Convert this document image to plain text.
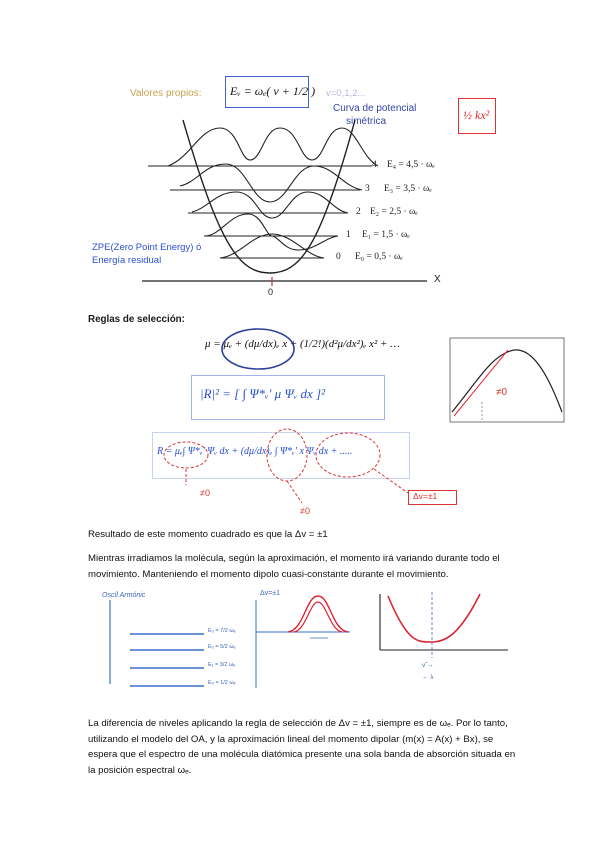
Valores propios: Eᵥ = ωₑ( v + 1/2 ) v=0,1,2...
Curva de potencial
simétrica	½ kx²
4 E₄ = 4,5 · ωₑ
3 E₃ = 3,5 · ωₑ
2 E₂ = 2,5 · ωₑ
1 E₁ = 1,5 · ωₑ
0 E₀ = 0,5 · ωₑ
ZPE(Zero Point Energy) ó
Energía residual
0
X
Reglas de selección:
μ = μₑ + (dμ/dx)ₑ x + (1/2!)(d²μ/dx²)ₑ x² + …
|R|² = [ ∫ Ψ*ᵥ' μ Ψᵥ dx ]²
R = μₑ∫ Ψ*ᵥ' Ψᵥ dx + (dμ/dx)ₑ ∫ Ψ*ᵥ' x Ψᵥ dx + .....
≠0
≠0
Δv=±1
≠0
Resultado de este momento cuadrado es que la Δv = ±1
Mientras irradiamos la molécula, según la aproximación, el momento irá variando durante todo el movimiento. Manteniendo el momento dipolo cuasi-constante durante el movimiento.
Oscíl Armónic	Δv=±1
E₃ = 7/2 ωₑ
E₂ = 5/2 ωₑ
E₁ = 3/2 ωₑ
E₀ = 1/2 ωₑ
ν̃ →
← λ
La diferencia de niveles aplicando la regla de selección de Δv = ±1, siempre es de ωₑ. Por lo tanto, utilizando el modelo del OA, y la aproximación lineal del momento dipolar (m(x) = A(x) + Bx), se espera que el espectro de una molécula diatómica presente una sola banda de absorción situada en la posición espectral ωₑ.
